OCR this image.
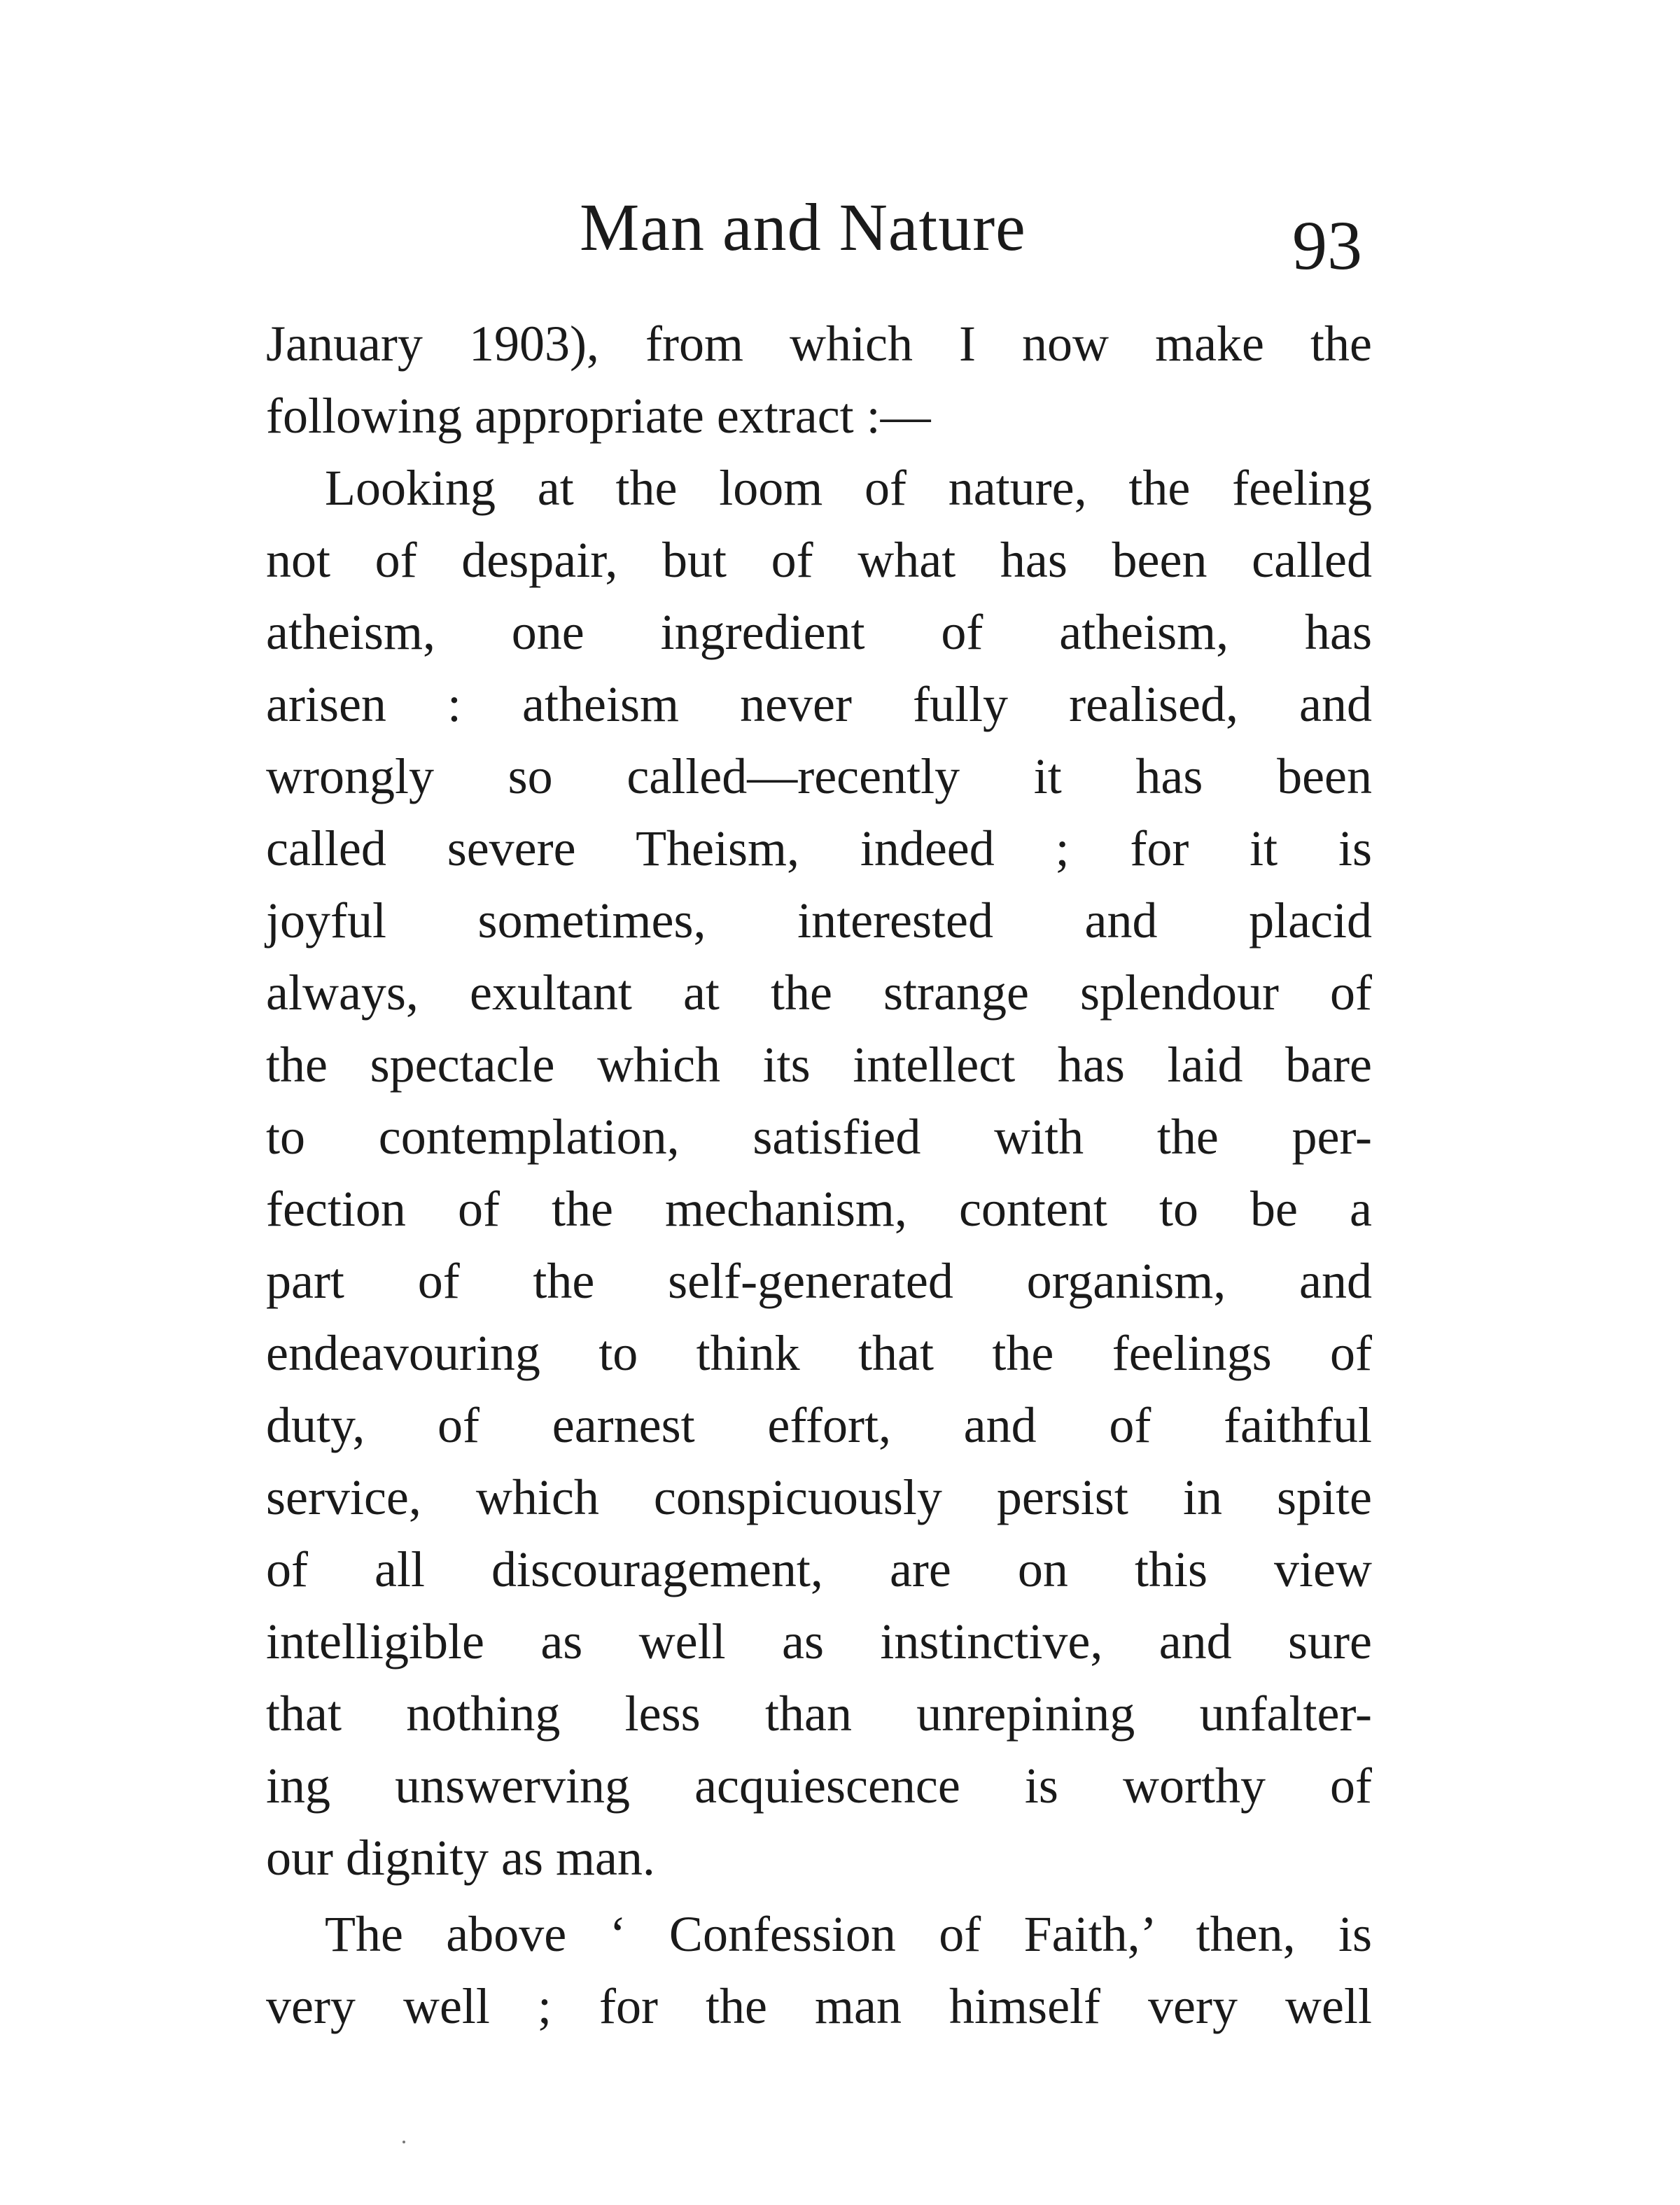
Man and Nature	93
January 1903), from which I now make the
following appropriate extract :—
Looking at the loom of nature, the feeling
not of despair, but of what has been called
atheism, one ingredient of atheism, has
arisen : atheism never fully realised, and
wrongly so called—recently it has been
called severe Theism, indeed ; for it is
joyful sometimes, interested and placid
always, exultant at the strange splendour of
the spectacle which its intellect has laid bare
to contemplation, satisfied with the per-
fection of the mechanism, content to be a
part of the self-generated organism, and
endeavouring to think that the feelings of
duty, of earnest effort, and of faithful
service, which conspicuously persist in spite
of all discouragement, are on this view
intelligible as well as instinctive, and sure
that nothing less than unrepining unfalter-
ing unswerving acquiescence is worthy of
our dignity as man.
The above ‘ Confession of Faith,’ then, is
very well ; for the man himself very well
